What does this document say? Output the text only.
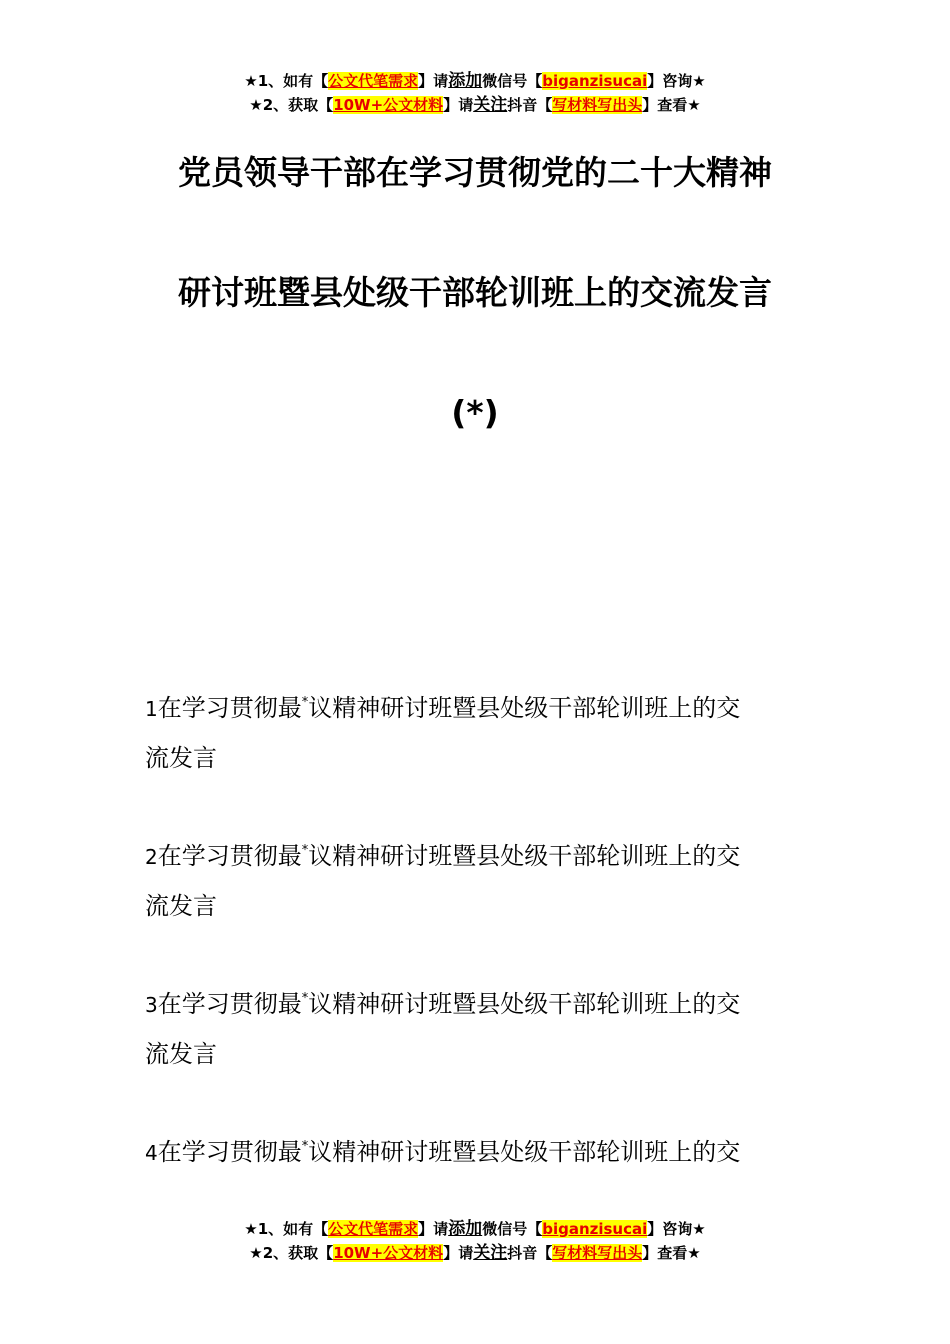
★1、如有【公文代笔需求】请添加微信号【biganzisucai】咨询★
★2、获取【10W+公文材料】请关注抖音【写材料写出头】查看★
党员领导干部在学习贯彻党的二十大精神
研讨班暨县处级干部轮训班上的交流发言
(*)
1在学习贯彻最*议精神研讨班暨县处级干部轮训班上的交
流发言
2在学习贯彻最*议精神研讨班暨县处级干部轮训班上的交
流发言
3在学习贯彻最*议精神研讨班暨县处级干部轮训班上的交
流发言
4在学习贯彻最*议精神研讨班暨县处级干部轮训班上的交
★1、如有【公文代笔需求】请添加微信号【biganzisucai】咨询★
★2、获取【10W+公文材料】请关注抖音【写材料写出头】查看★
